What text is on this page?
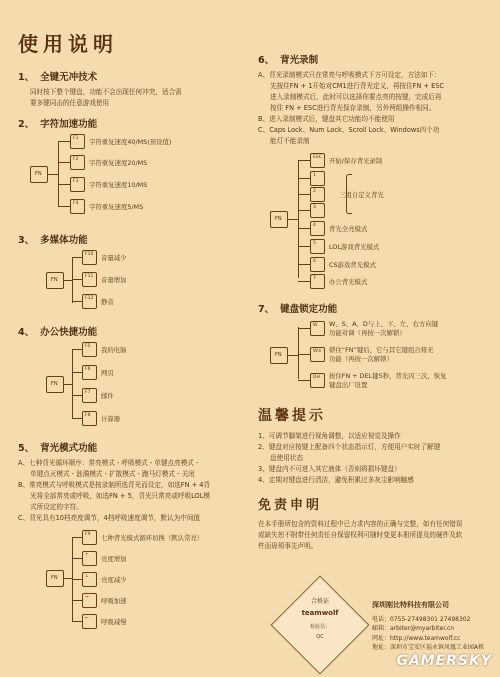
使用说明
1、 全键无冲技术
同时按下整个键盘，功能不会出现任何冲突，适合需
要多键同击的任意游戏使用
2、 字符加速功能
FN
F1	字符重复速度40/MS(预设值)
F2	字符重复速度20/MS
F3	字符重复速度10/MS
F4	字符重复速度5/MS
3、 多媒体功能
FN
F10	音量减少
F11	音量增加
F12	静音
4、 办公快捷功能
FN
F5	我的电脑
F6	网页
F7	邮件
F8	计算器
5、 背光模式功能
A、七种背光循环顺序：常亮模式 - 呼吸模式 - 单键点亮模式 -
单键点灭模式 - 涟漪模式 - 扩散模式 - 跑马灯模式 - 关闭
B、常亮模式与呼吸模式是按录制所选背光而设定，如选FN + 4背
光将全部常亮或呼吸，如选FN + 5，背光只常亮或呼吸LOL模
式所设定的字符。
C、背光具有10档亮度调节，4档呼吸速度调节，默认为中间值
FN
F9	七种背光模式循环切换（默认常亮）
↑	亮度增加
↓	亮度减少
→	呼吸加速
←	呼吸减慢
6、 背光录制
A、背光录制模式只在常亮与呼吸模式下方可设定，方法如下：
先按住FN + 1开始对CM1进行背光定义，再按住FN + ESC
进入录制模式后，此时可以选择你要点亮的按键，完成后再
按住 FN + ESC进行背光保存录制，另外两组操作相同。
B、进入录制模式后，键盘其它功能均不能使用
C、Caps Lock、Num Lock、Scroll Lock、Windows四个功
能灯不能录制
FN
ESC	开始/保存背光录制
1
2	三组自定义背光
3
4	背光全亮模式
5	LOL游戏背光模式
6	CS游戏背光模式
7	办公背光模式
7、 键盘锁定功能
FN
W	W、S、A、D与上、下、左、右方向键
功能对调（再按一次解锁）
Win	锁住“FN”键后，它与其它键组合将无
功能（再按一次解锁）
Del	按住FN + DEL键5秒，背光闪三次，恢复
键盘出厂设置
温馨提示
1、可调节脚架进行视角调整，以适应视觉及操作
2、键盘对应按键上配备四个状态指示灯，方便用户实时了解键
盘使用状态
3、键盘内不可进入其它液体（否则将损坏键盘）
4、定期对键盘进行清洁，避免积累过多灰尘影响触感
免责申明
在本手册所包含的资料过程中已力求内容的正确与完整，如有任何错误
或缺失恕不附带任何责任自保留权利可随时变更本册所提及的硬件及软
件而毋须事先声明。
合格证
teamwolf
检验员：
QC
深圳刚比特科技有限公司
电话：0755-27498301 27498302
邮箱：arbiter@myarbiter.cn
网址：http://www.teamwolf.cc
地址：深圳市宝安区福永镇凤凰工业园A栋
GAMERSKY
